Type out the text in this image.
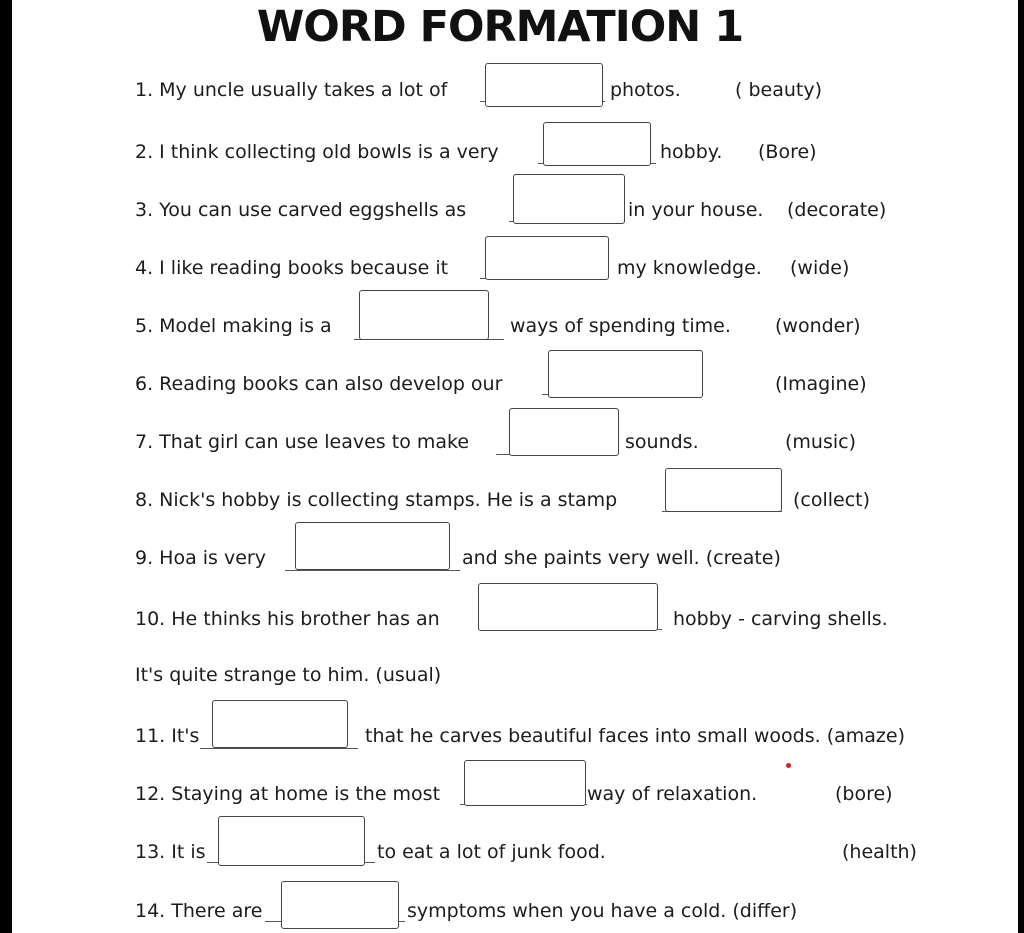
WORD FORMATION 1
1. My uncle usually takes a lot of	photos.	( beauty)
2. I think collecting old bowls is a very	hobby. (Bore)
3. You can use carved eggshells as	in your house. (decorate)
4. I like reading books because it	my knowledge. (wide)
5. Model making is a	ways of spending time. (wonder)
6. Reading books can also develop our	(Imagine)
7. That girl can use leaves to make	sounds.	(music)
8. Nick's hobby is collecting stamps. He is a stamp	(collect)
9. Hoa is very	and she paints very well. (create)
10. He thinks his brother has an	hobby - carving shells.
It's quite strange to him. (usual)
11. It's	that he carves beautiful faces into small woods. (amaze)
12. Staying at home is the most	way of relaxation.	(bore)
13. It is	to eat a lot of junk food.	(health)
14. There are	symptoms when you have a cold. (differ)
